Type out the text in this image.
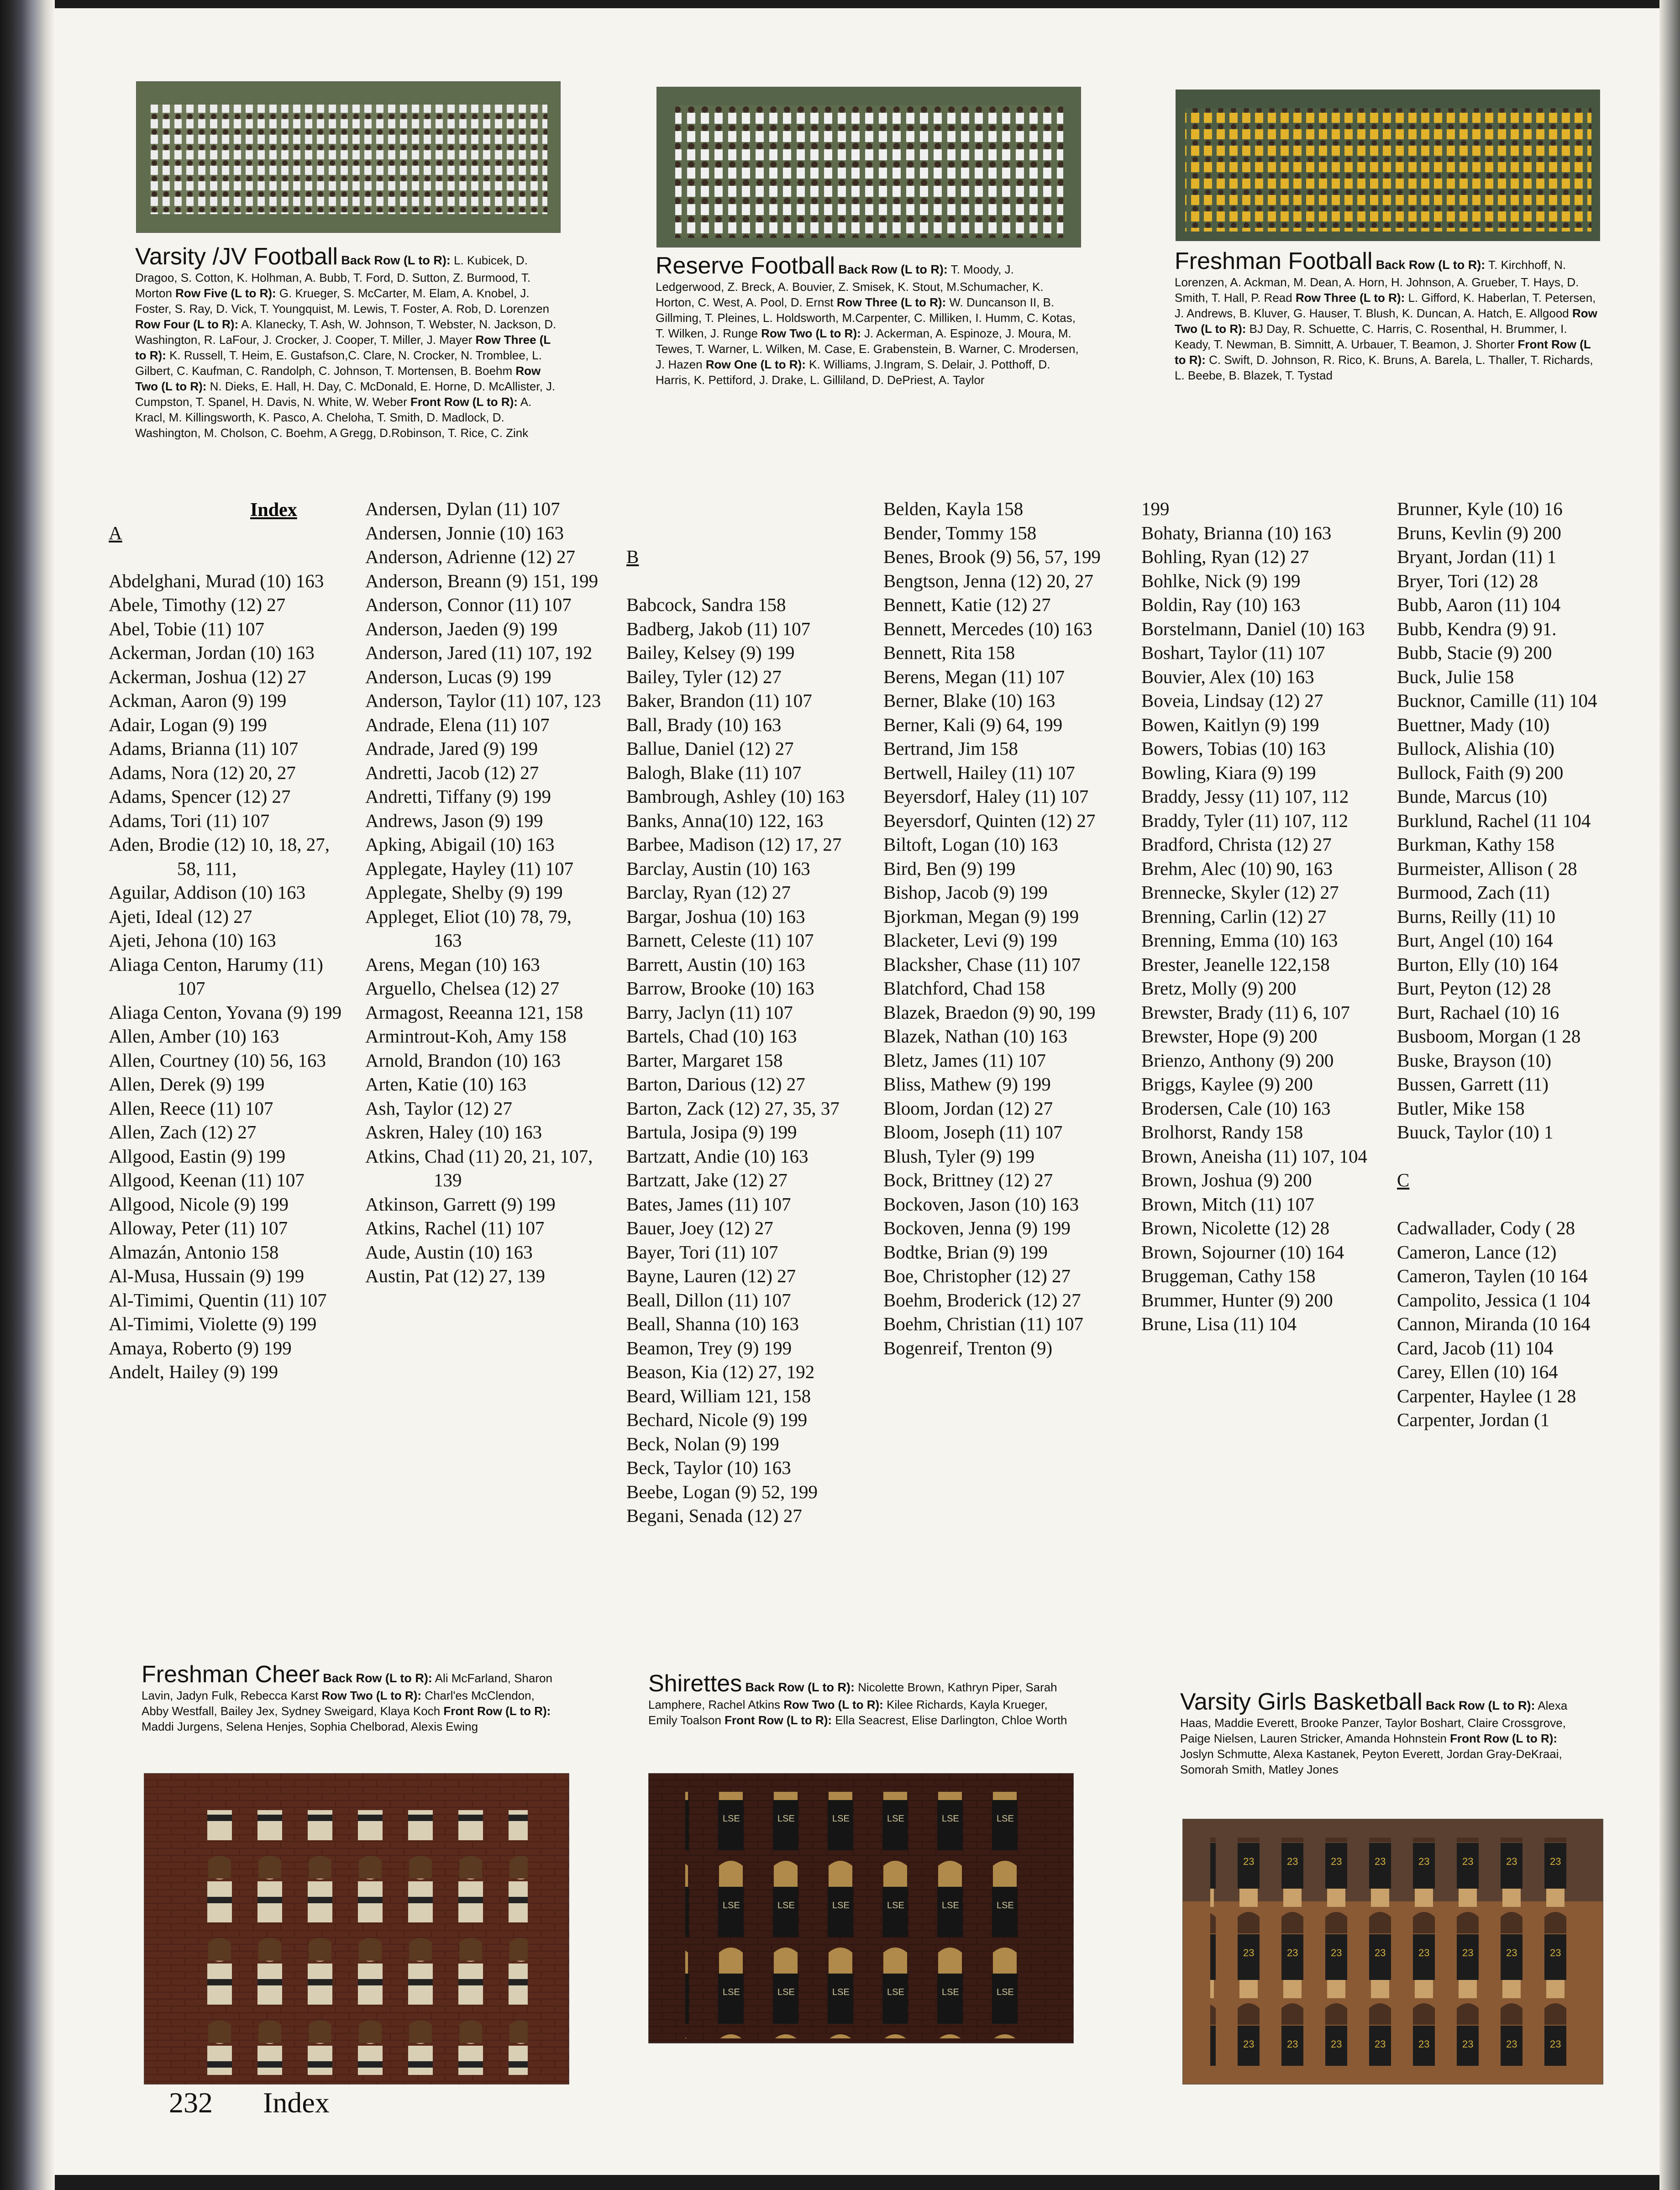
Varsity /JV Football Back Row (L to R): L. Kubicek, D. Dragoo, S. Cotton, K. Holhman, A. Bubb, T. Ford, D. Sutton, Z. Burmood, T. Morton Row Five (L to R): G. Krueger, S. McCarter, M. Elam, A. Knobel, J. Foster, S. Ray, D. Vick, T. Youngquist, M. Lewis, T. Foster, A. Rob, D. Lorenzen Row Four (L to R): A. Klanecky, T. Ash, W. Johnson, T. Webster, N. Jackson, D. Washington, R. LaFour, J. Crocker, J. Cooper, T. Miller, J. Mayer Row Three (L to R): K. Russell, T. Heim, E. Gustafson,C. Clare, N. Crocker, N. Tromblee, L. Gilbert, C. Kaufman, C. Randolph, C. Johnson, T. Mortensen, B. Boehm Row Two (L to R): N. Dieks, E. Hall, H. Day, C. McDonald, E. Horne, D. McAllister, J. Cumpston, T. Spanel, H. Davis, N. White, W. Weber Front Row (L to R): A. Kracl, M. Killingsworth, K. Pasco, A. Cheloha, T. Smith, D. Madlock, D. Washington, M. Cholson, C. Boehm, A Gregg, D.Robinson, T. Rice, C. Zink
Reserve Football Back Row (L to R): T. Moody, J. Ledgerwood, Z. Breck, A. Bouvier, Z. Smisek, K. Stout, M.Schumacher, K. Horton, C. West, A. Pool, D. Ernst Row Three (L to R): W. Duncanson II, B. Gillming, T. Pleines, L. Holdsworth, M.Carpenter, C. Milliken, I. Humm, C. Kotas, T. Wilken, J. Runge Row Two (L to R): J. Ackerman, A. Espinoze, J. Moura, M. Tewes, T. Warner, L. Wilken, M. Case, E. Grabenstein, B. Warner, C. Mrodersen, J. Hazen Row One (L to R): K. Williams, J.Ingram, S. Delair, J. Potthoff, D. Harris, K. Pettiford, J. Drake, L. Gilliland, D. DePriest, A. Taylor
Freshman Football Back Row (L to R): T. Kirchhoff, N. Lorenzen, A. Ackman, M. Dean, A. Horn, H. Johnson, A. Grueber, T. Hays, D. Smith, T. Hall, P. Read Row Three (L to R): L. Gifford, K. Haberlan, T. Petersen, J. Andrews, B. Kluver, G. Hauser, T. Blush, K. Duncan, A. Hatch, E. Allgood Row Two (L to R): BJ Day, R. Schuette, C. Harris, C. Rosenthal, H. Brummer, I. Keady, T. Newman, B. Simnitt, A. Urbauer, T. Beamon, J. Shorter Front Row (L to R): C. Swift, D. Johnson, R. Rico, K. Bruns, A. Barela, L. Thaller, T. Richards, L. Beebe, B. Blazek, T. Tystad
Index
A
Abdelghani, Murad (10) 163
Abele, Timothy (12) 27
Abel, Tobie (11) 107
Ackerman, Jordan (10) 163
Ackerman, Joshua (12) 27
Ackman, Aaron (9) 199
Adair, Logan (9) 199
Adams, Brianna (11) 107
Adams, Nora (12) 20, 27
Adams, Spencer (12) 27
Adams, Tori (11) 107
Aden, Brodie (12) 10, 18, 27, 58, 111,
Aguilar, Addison (10) 163
Ajeti, Ideal (12) 27
Ajeti, Jehona (10) 163
Aliaga Centon, Harumy (11) 107
Aliaga Centon, Yovana (9) 199
Allen, Amber (10) 163
Allen, Courtney (10) 56, 163
Allen, Derek (9) 199
Allen, Reece (11) 107
Allen, Zach (12) 27
Allgood, Eastin (9) 199
Allgood, Keenan (11) 107
Allgood, Nicole (9) 199
Alloway, Peter (11) 107
Almazán, Antonio 158
Al-Musa, Hussain (9) 199
Al-Timimi, Quentin (11) 107
Al-Timimi, Violette (9) 199
Amaya, Roberto (9) 199
Andelt, Hailey (9) 199
Andersen, Dylan (11) 107
Andersen, Jonnie (10) 163
Anderson, Adrienne (12) 27
Anderson, Breann (9) 151, 199
Anderson, Connor (11) 107
Anderson, Jaeden (9) 199
Anderson, Jared (11) 107, 192
Anderson, Lucas (9) 199
Anderson, Taylor (11) 107, 123
Andrade, Elena (11) 107
Andrade, Jared (9) 199
Andretti, Jacob (12) 27
Andretti, Tiffany (9) 199
Andrews, Jason (9) 199
Apking, Abigail (10) 163
Applegate, Hayley (11) 107
Applegate, Shelby (9) 199
Appleget, Eliot (10) 78, 79, 163
Arens, Megan (10) 163
Arguello, Chelsea (12) 27
Armagost, Reeanna 121, 158
Armintrout-Koh, Amy 158
Arnold, Brandon (10) 163
Arten, Katie (10) 163
Ash, Taylor (12) 27
Askren, Haley (10) 163
Atkins, Chad (11) 20, 21, 107, 139
Atkinson, Garrett (9) 199
Atkins, Rachel (11) 107
Aude, Austin (10) 163
Austin, Pat (12) 27, 139
B
Babcock, Sandra 158
Badberg, Jakob (11) 107
Bailey, Kelsey (9) 199
Bailey, Tyler (12) 27
Baker, Brandon (11) 107
Ball, Brady (10) 163
Ballue, Daniel (12) 27
Balogh, Blake (11) 107
Bambrough, Ashley (10) 163
Banks, Anna(10) 122, 163
Barbee, Madison (12) 17, 27
Barclay, Austin (10) 163
Barclay, Ryan (12) 27
Bargar, Joshua (10) 163
Barnett, Celeste (11) 107
Barrett, Austin (10) 163
Barrow, Brooke (10) 163
Barry, Jaclyn (11) 107
Bartels, Chad (10) 163
Barter, Margaret 158
Barton, Darious (12) 27
Barton, Zack (12) 27, 35, 37
Bartula, Josipa (9) 199
Bartzatt, Andie (10) 163
Bartzatt, Jake (12) 27
Bates, James (11) 107
Bauer, Joey (12) 27
Bayer, Tori (11) 107
Bayne, Lauren (12) 27
Beall, Dillon (11) 107
Beall, Shanna (10) 163
Beamon, Trey (9) 199
Beason, Kia (12) 27, 192
Beard, William 121, 158
Bechard, Nicole (9) 199
Beck, Nolan (9) 199
Beck, Taylor (10) 163
Beebe, Logan (9) 52, 199
Begani, Senada (12) 27
Belden, Kayla 158
Bender, Tommy 158
Benes, Brook (9) 56, 57, 199
Bengtson, Jenna (12) 20, 27
Bennett, Katie (12) 27
Bennett, Mercedes (10) 163
Bennett, Rita 158
Berens, Megan (11) 107
Berner, Blake (10) 163
Berner, Kali (9) 64, 199
Bertrand, Jim 158
Bertwell, Hailey (11) 107
Beyersdorf, Haley (11) 107
Beyersdorf, Quinten (12) 27
Biltoft, Logan (10) 163
Bird, Ben (9) 199
Bishop, Jacob (9) 199
Bjorkman, Megan (9) 199
Blacketer, Levi (9) 199
Blacksher, Chase (11) 107
Blatchford, Chad 158
Blazek, Braedon (9) 90, 199
Blazek, Nathan (10) 163
Bletz, James (11) 107
Bliss, Mathew (9) 199
Bloom, Jordan (12) 27
Bloom, Joseph (11) 107
Blush, Tyler (9) 199
Bock, Brittney (12) 27
Bockoven, Jason (10) 163
Bockoven, Jenna (9) 199
Bodtke, Brian (9) 199
Boe, Christopher (12) 27
Boehm, Broderick (12) 27
Boehm, Christian (11) 107
Bogenreif, Trenton (9)
199
Bohaty, Brianna (10) 163
Bohling, Ryan (12) 27
Bohlke, Nick (9) 199
Boldin, Ray (10) 163
Borstelmann, Daniel (10) 163
Boshart, Taylor (11) 107
Bouvier, Alex (10) 163
Boveia, Lindsay (12) 27
Bowen, Kaitlyn (9) 199
Bowers, Tobias (10) 163
Bowling, Kiara (9) 199
Braddy, Jessy (11) 107, 112
Braddy, Tyler (11) 107, 112
Bradford, Christa (12) 27
Brehm, Alec (10) 90, 163
Brennecke, Skyler (12) 27
Brenning, Carlin (12) 27
Brenning, Emma (10) 163
Brester, Jeanelle 122,158
Bretz, Molly (9) 200
Brewster, Brady (11) 6, 107
Brewster, Hope (9) 200
Brienzo, Anthony (9) 200
Briggs, Kaylee (9) 200
Brodersen, Cale (10) 163
Brolhorst, Randy 158
Brown, Aneisha (11) 107, 104
Brown, Joshua (9) 200
Brown, Mitch (11) 107
Brown, Nicolette (12) 28
Brown, Sojourner (10) 164
Bruggeman, Cathy 158
Brummer, Hunter (9) 200
Brune, Lisa (11) 104
Brunner, Kyle (10) 16
Bruns, Kevlin (9) 200
Bryant, Jordan (11) 1
Bryer, Tori (12) 28
Bubb, Aaron (11) 104
Bubb, Kendra (9) 91.
Bubb, Stacie (9) 200
Buck, Julie 158
Bucknor, Camille (11) 104
Buettner, Mady (10)
Bullock, Alishia (10)
Bullock, Faith (9) 200
Bunde, Marcus (10)
Burklund, Rachel (11 104
Burkman, Kathy 158
Burmeister, Allison ( 28
Burmood, Zach (11)
Burns, Reilly (11) 10
Burt, Angel (10) 164
Burton, Elly (10) 164
Burt, Peyton (12) 28
Burt, Rachael (10) 16
Busboom, Morgan (1 28
Buske, Brayson (10)
Bussen, Garrett (11)
Butler, Mike 158
Buuck, Taylor (10) 1
C
Cadwallader, Cody ( 28
Cameron, Lance (12)
Cameron, Taylen (10 164
Campolito, Jessica (1 104
Cannon, Miranda (10 164
Card, Jacob (11) 104
Carey, Ellen (10) 164
Carpenter, Haylee (1 28
Carpenter, Jordan (1
Freshman Cheer Back Row (L to R): Ali McFarland, Sharon Lavin, Jadyn Fulk, Rebecca Karst Row Two (L to R): Charl'es McClendon, Abby Westfall, Bailey Jex, Sydney Sweigard, Klaya Koch Front Row (L to R): Maddi Jurgens, Selena Henjes, Sophia Chelborad, Alexis Ewing
Shirettes Back Row (L to R): Nicolette Brown, Kathryn Piper, Sarah Lamphere, Rachel Atkins Row Two (L to R): Kilee Richards, Kayla Krueger, Emily Toalson Front Row (L to R): Ella Seacrest, Elise Darlington, Chloe Worth
Varsity Girls Basketball Back Row (L to R): Alexa Haas, Maddie Everett, Brooke Panzer, Taylor Boshart, Claire Crossgrove, Paige Nielsen, Lauren Stricker, Amanda Hohnstein Front Row (L to R): Joslyn Schmutte, Alexa Kastanek, Peyton Everett, Jordan Gray-DeKraai, Somorah Smith, Matley Jones
232 Index
